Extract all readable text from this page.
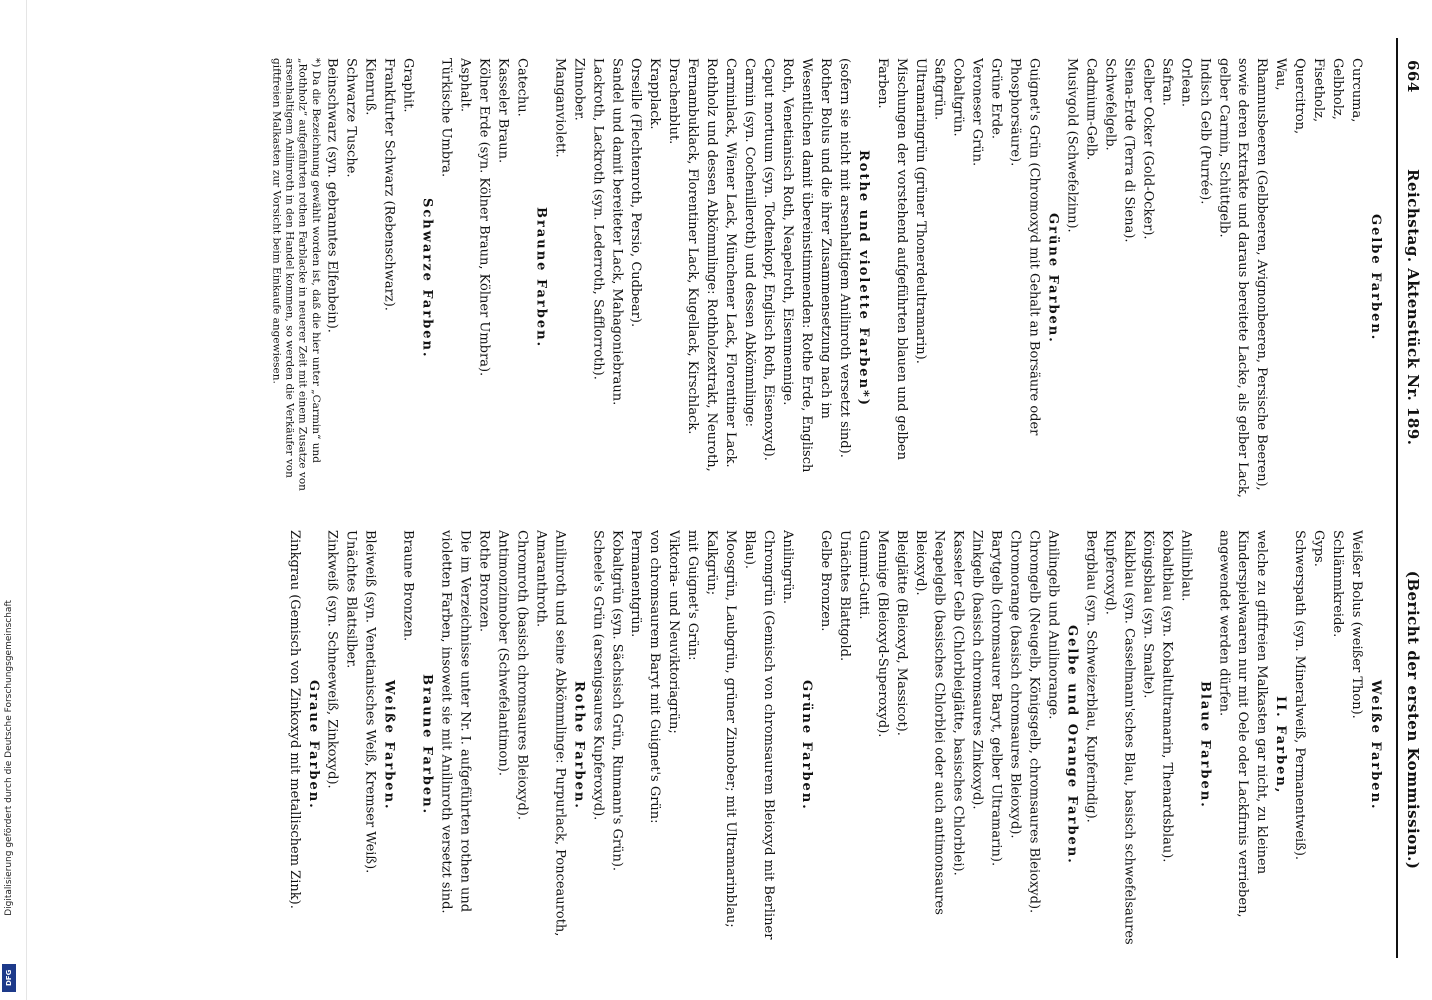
664 Reichstag. Aktenstück Nr. 189. (Bericht der ersten Kommission.)
Gelbe Farben.
Curcuma,
Gelbholz,
Fisetholz,
Quercitron,
Wau,
Rhamnusbeeren (Gelbbeeren, Avignonbeeren, Persische Beeren),
sowie deren Extrakte und daraus bereitete Lacke, als gelber Lack, gelber Carmin, Schüttgelb.
Indisch Gelb (Purrée).
Orlean.
Safran.
Gelber Ocker (Gold-Ocker).
Siena-Erde (Terra di Siena).
Schwefelgelb.
Cadmium-Gelb.
Musivgold (Schwefelzinn).
Grüne Farben.
Guignet's Grün (Chromoxyd mit Gehalt an Borsäure oder Phosphorsäure).
Grüne Erde.
Veroneser Grün.
Cobaltgrün.
Saftgrün.
Ultramaringrün (grüner Thonerdeultramarin).
Mischungen der vorstehend aufgeführten blauen und gelben Farben.
Rothe und violette Farben*)
(sofern sie nicht mit arsenhaltigem Anilinroth versetzt sind).
Rother Bolus und die ihrer Zusammensetzung nach im Wesentlichen damit übereinstimmenden: Rothe Erde, Englisch Roth, Venetianisch Roth, Neapelroth, Eisenmennige.
Caput mortuum (syn. Todtenkopf, Englisch Roth, Eisenoxyd).
Carmin (syn. Cochenilleroth) und dessen Abkömmlinge: Carminlack, Wiener Lack, Münchener Lack, Florentiner Lack.
Rothholz und dessen Abkömmlinge: Rothholzextrakt, Neuroth, Fernambuklack, Florentiner Lack, Kugellack, Kirschlack.
Drachenblut.
Krapplack.
Orseille (Flechtenroth, Persio, Cudbear).
Sandel und damit bereiteter Lack, Mahagoniebraun.
Lackroth, Lackroth (syn. Lederroth, Safflorroth).
Zinnober.
Manganviolett.
Braune Farben.
Catechu.
Kasseler Braun.
Kölner Erde (syn. Kölner Braun, Kölner Umbra).
Asphalt.
Türkische Umbra.
Schwarze Farben.
Graphit.
Frankfurter Schwarz (Rebenschwarz).
Kienruß.
Schwarze Tusche.
Beinschwarz (syn. gebranntes Elfenbein).
*) Da die Bezeichnung gewählt worden ist, daß die hier unter „Carmin“ und „Rothholz“ aufgeführten rothen Farblacke in neuerer Zeit mit einem Zusatze von arsenhaltigem Anilinroth in den Handel kommen, so werden die Verkäufer von giftfreien Malkasten zur Vorsicht beim Einkaufe angewiesen.
Weiße Farben.
Weißer Bolus (weißer Thon).
Schlämmkreide.
Gyps.
Schwerspath (syn. Mineralweiß, Permanentweiß).
II. Farben,
welche zu giftfreien Malkasten gar nicht, zu kleinen Kinderspielwaaren nur mit Oele oder Lackfirnis verrieben, angewendet werden dürfen.
Blaue Farben.
Anilinblau.
Kobaltblau (syn. Kobaltultramarin, Thenardsblau).
Königsblau (syn. Smalte).
Kalkblau (syn. Casselmann'sches Blau, basisch schwefelsaures Kupferoxyd).
Bergblau (syn. Schweizerblau, Kupferindig).
Gelbe und Orange Farben.
Anilingelb und Anilinorange.
Chromgelb (Neugelb, Königsgelb, chromsaures Bleioxyd).
Chromorange (basisch chromsaures Bleioxyd).
Barytgelb (chromsaurer Baryt, gelber Ultramarin).
Zinkgelb (basisch chromsaures Zinkoxyd).
Kasseler Gelb (Chlorbleiglätte, basisches Chlorblei).
Neapelgelb (basisches Chlorblei oder auch antimonsaures Bleioxyd).
Bleiglätte (Bleioxyd, Massicot).
Mennige (Bleioxyd-Superoxyd).
Gummi-Gutti.
Unächtes Blattgold.
Gelbe Bronzen.
Grüne Farben.
Anilingrün.
Chromgrün (Gemisch von chromsaurem Bleioxyd mit Berliner Blau).
Moosgrün, Laubgrün, grüner Zinnober; mit Ultramarinblau; Kalkgrün;
mit Guignet's Grün:
Viktoria- und Neuviktoriagrün;
von chromsaurem Baryt mit Guignet's Grün:
Permanentgrün.
Kobaltgrün (syn. Sächsisch Grün, Rinmann's Grün).
Scheele's Grün (arsenigsaures Kupferoxyd).
Rothe Farben.
Anilinroth und seine Abkömmlinge: Purpurlack, Ponceauroth, Amaranthroth.
Chromroth (basisch chromsaures Bleioxyd).
Antimonzinnober (Schwefelantimon).
Rothe Bronzen.
Die im Verzeichnisse unter Nr. I. aufgeführten rothen und violetten Farben, insoweit sie mit Anilinroth versetzt sind.
Braune Farben.
Braune Bronzen.
Weiße Farben.
Bleiweiß (syn. Venetianisches Weiß, Kremser Weiß).
Unächtes Blattsilber.
Zinkweiß (syn. Schneeweiß, Zinkoxyd).
Graue Farben.
Zinkgrau (Gemisch von Zinkoxyd mit metallischem Zink).
Digitalisierung gefördert durch die Deutsche Forschungsgemeinschaft
DFG
